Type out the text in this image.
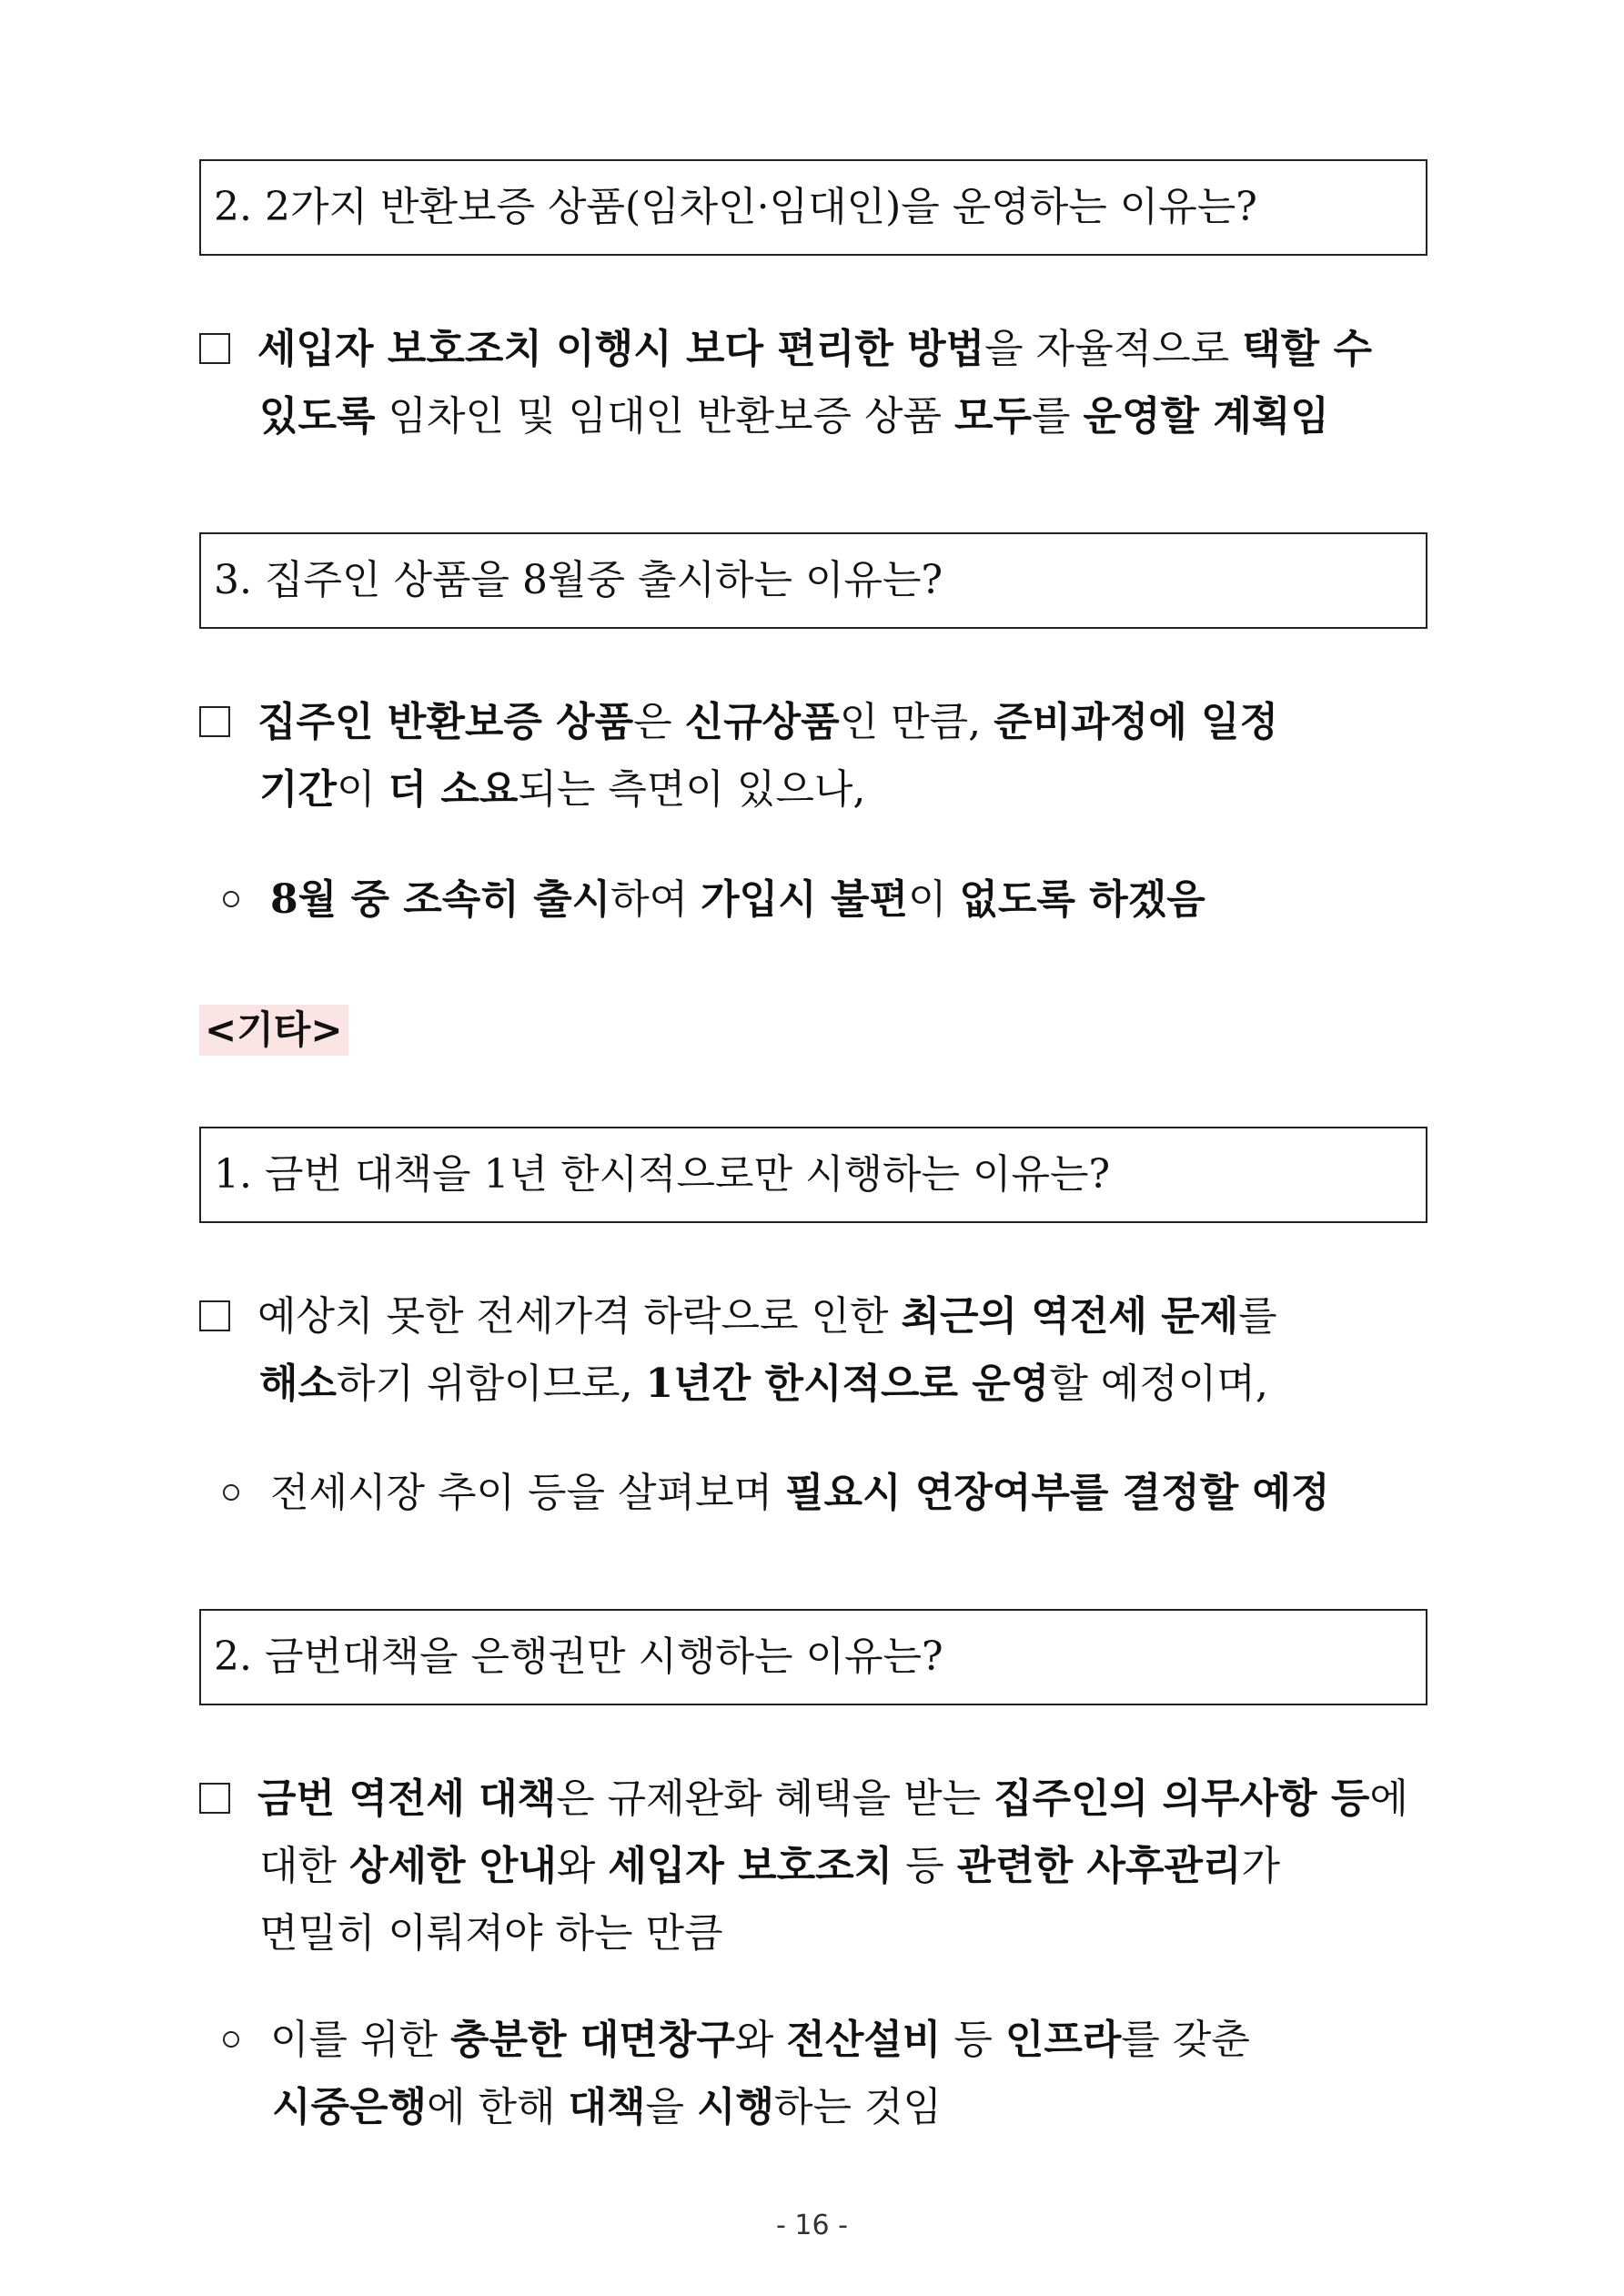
2. 2가지 반환보증 상품(임차인·임대인)을 운영하는 이유는?
세입자 보호조치 이행시 보다 편리한 방법을 자율적으로 택할 수
있도록 임차인 및 임대인 반환보증 상품 모두를 운영할 계획임
3. 집주인 상품을 8월중 출시하는 이유는?
집주인 반환보증 상품은 신규상품인 만큼, 준비과정에 일정
기간이 더 소요되는 측면이 있으나,
8월 중 조속히 출시하여 가입시 불편이 없도록 하겠음
<기타>
1. 금번 대책을 1년 한시적으로만 시행하는 이유는?
예상치 못한 전세가격 하락으로 인한 최근의 역전세 문제를
해소하기 위함이므로, 1년간 한시적으로 운영할 예정이며,
전세시장 추이 등을 살펴보며 필요시 연장여부를 결정할 예정
2. 금번대책을 은행권만 시행하는 이유는?
금번 역전세 대책은 규제완화 혜택을 받는 집주인의 의무사항 등에
대한 상세한 안내와 세입자 보호조치 등 관련한 사후관리가
면밀히 이뤄져야 하는 만큼
이를 위한 충분한 대면창구와 전산설비 등 인프라를 갖춘
시중은행에 한해 대책을 시행하는 것임
- 16 -
